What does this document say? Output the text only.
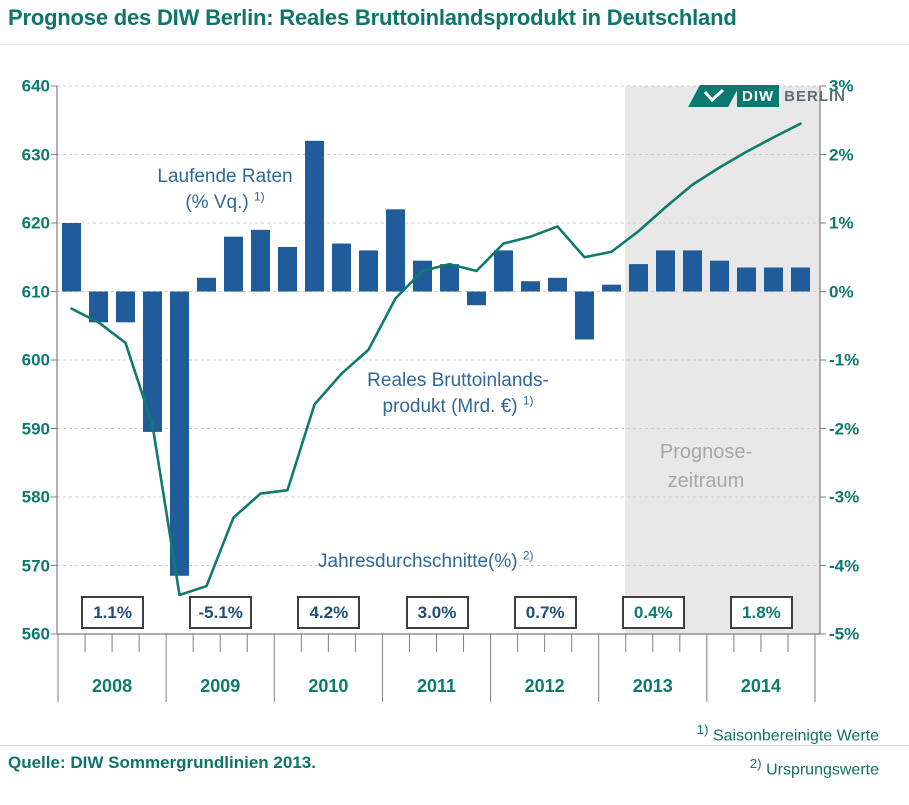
Prognose des DIW Berlin: Reales Bruttoinlandsprodukt in Deutschland
640
630
620
610
600
590
580
570
560
3%
2%
1%
0%
-1%
-2%
-3%
-4%
-5%
2008	2009	2010	2011	2012	2013	2014
1.1%	-5.1%	4.2%	3.0%	0.7%	0.4%	1.8%
DIW BERLIN
Laufende Raten
(% Vq.) $^{1)}$
Reales Bruttoinlands-
produkt (Mrd. €) $^{1)}$
Jahresdurchschnitte(%) $^{2)}$
Prognose-
zeitraum
Quelle: DIW Sommergrundlinien 2013.
$^{1)}$ Saisonbereinigte Werte
$^{2)}$ Ursprungswerte
